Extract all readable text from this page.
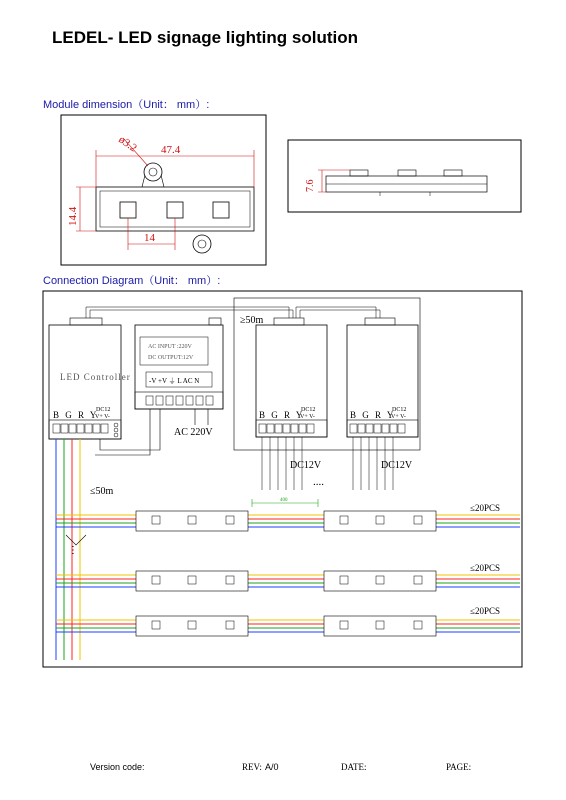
LEDEL- LED signage lighting solution
Module dimension（Unit： mm）:
Connection Diagram（Unit： mm）:
ø3.2 47.4
14.4
14
7.6
LED Controller
B G R Y
DC12
V+ V-
AC INPUT :220V
DC OUTPUT:12V
-V +V ⏚ L AC N
AC 220V
≥50m
B G R Y
DC12
V+ V-	B G R Y
DC12
V+ V-
DC12V	DC12V
....
≤50m
⋮
400
≤20PCS
≤20PCS
≤20PCS
Version code:	REV: A/0	DATE:	PAGE:
